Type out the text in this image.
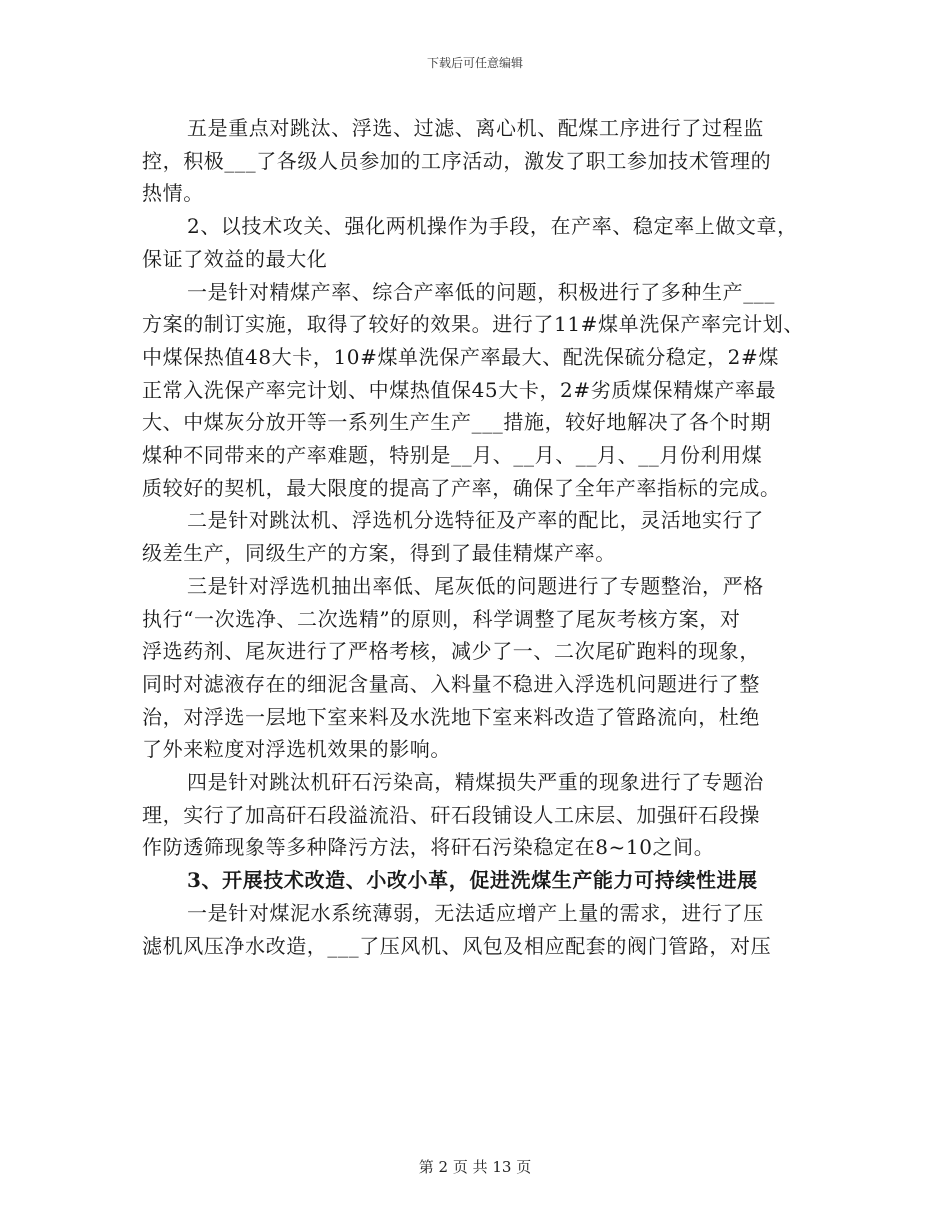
下载后可任意编辑

五是重点对跳汰、浮选、过滤、离心机、配煤工序进行了过程监
控，积极___了各级人员参加的工序活动，激发了职工参加技术管理的
热情。

2、以技术攻关、强化两机操作为手段，在产率、稳定率上做文章，
保证了效益的最大化

一是针对精煤产率、综合产率低的问题，积极进行了多种生产___
方案的制订实施，取得了较好的效果。进行了11#煤单洗保产率完计划、
中煤保热值48大卡，10#煤单洗保产率最大、配洗保硫分稳定，2#煤
正常入洗保产率完计划、中煤热值保45大卡，2#劣质煤保精煤产率最
大、中煤灰分放开等一系列生产生产___措施，较好地解决了各个时期
煤种不同带来的产率难题，特别是__月、__月、__月、__月份利用煤
质较好的契机，最大限度的提高了产率，确保了全年产率指标的完成。

二是针对跳汰机、浮选机分选特征及产率的配比，灵活地实行了
级差生产，同级生产的方案，得到了最佳精煤产率。

三是针对浮选机抽出率低、尾灰低的问题进行了专题整治，严格
执行“一次选净、二次选精”的原则，科学调整了尾灰考核方案，对
浮选药剂、尾灰进行了严格考核，减少了一、二次尾矿跑料的现象，
同时对滤液存在的细泥含量高、入料量不稳进入浮选机问题进行了整
治，对浮选一层地下室来料及水洗地下室来料改造了管路流向，杜绝
了外来粒度对浮选机效果的影响。

四是针对跳汰机矸石污染高，精煤损失严重的现象进行了专题治
理，实行了加高矸石段溢流沿、矸石段铺设人工床层、加强矸石段操
作防透筛现象等多种降污方法，将矸石污染稳定在8~10之间。

3、开展技术改造、小改小革，促进洗煤生产能力可持续性进展

一是针对煤泥水系统薄弱，无法适应增产上量的需求，进行了压
滤机风压净水改造，___了压风机、风包及相应配套的阀门管路，对压

第 2 页 共 13 页
